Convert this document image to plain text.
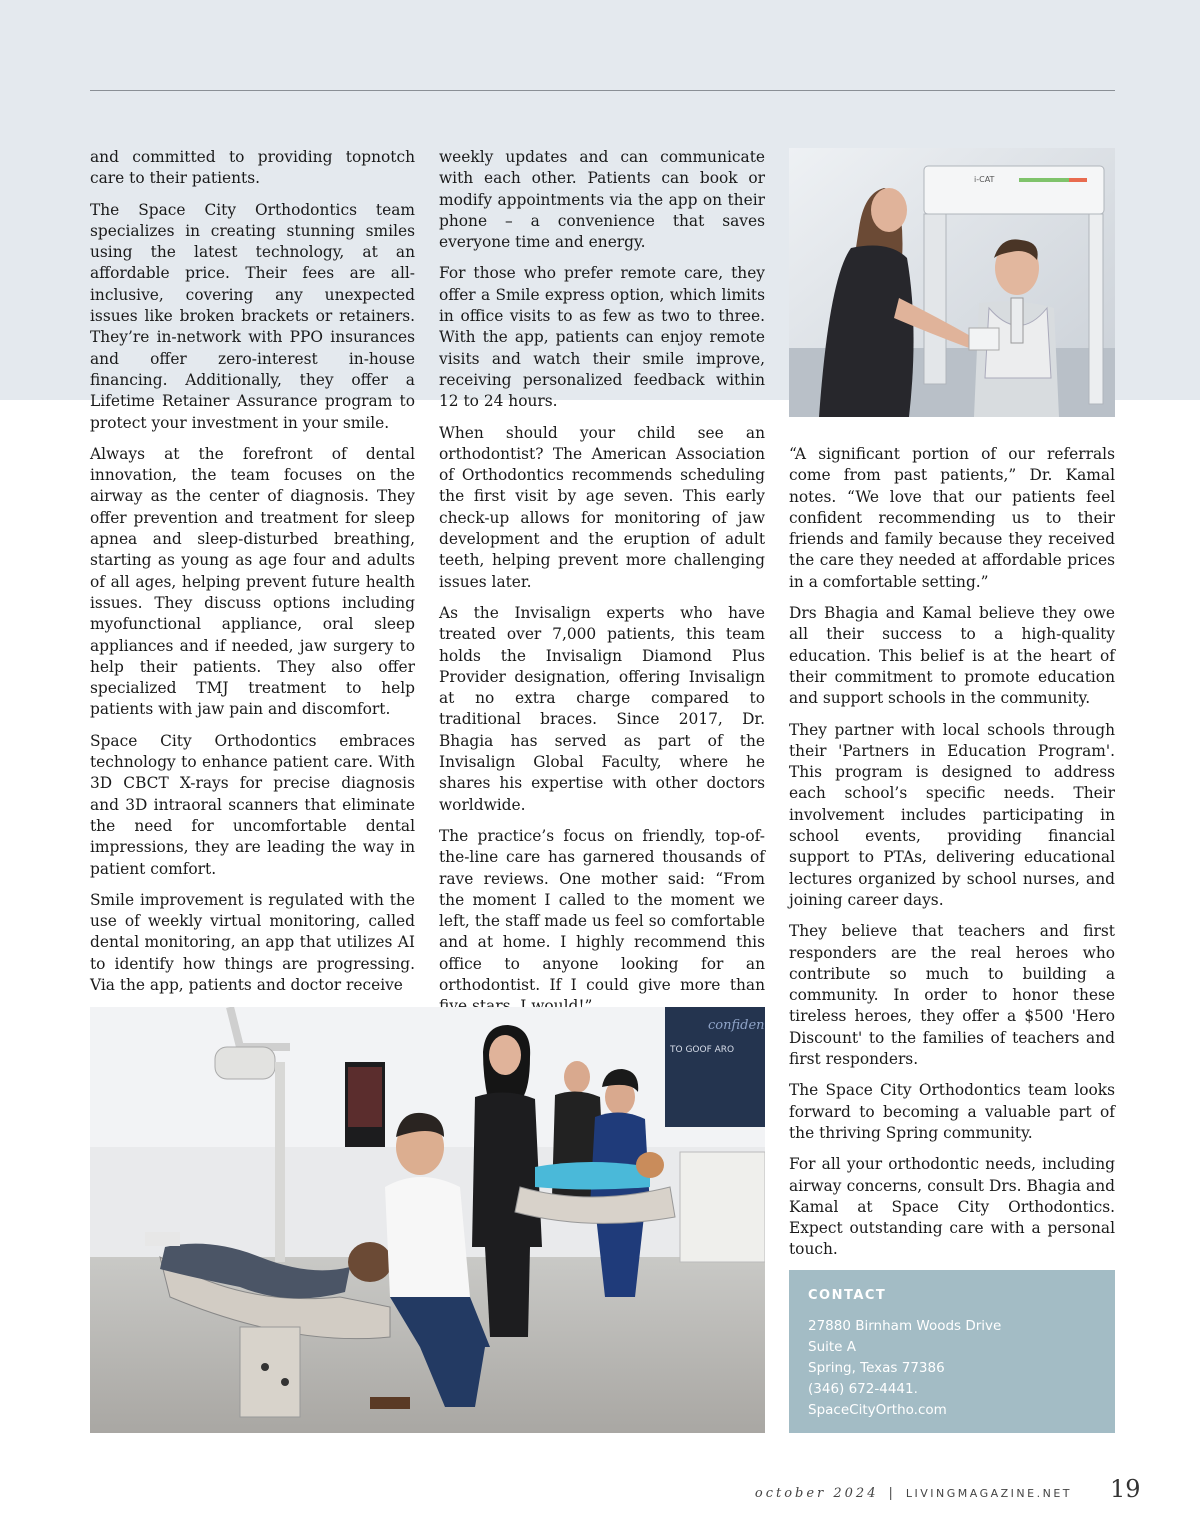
and committed to providing topnotch care to their patients.

The Space City Orthodontics team specializes in creating stunning smiles using the latest technology, at an affordable price. Their fees are all-inclusive, covering any unexpected issues like broken brackets or retainers. They’re in-network with PPO insurances and offer zero-interest in-house financing. Additionally, they offer a Lifetime Retainer Assurance program to protect your investment in your smile.

Always at the forefront of dental innovation, the team focuses on the airway as the center of diagnosis. They offer prevention and treatment for sleep apnea and sleep-disturbed breathing, starting as young as age four and adults of all ages, helping prevent future health issues. They discuss options including myofunctional appliance, oral sleep appliances and if needed, jaw surgery to help their patients. They also offer specialized TMJ treatment to help patients with jaw pain and discomfort.

Space City Orthodontics embraces technology to enhance patient care. With 3D CBCT X-rays for precise diagnosis and 3D intraoral scanners that eliminate the need for uncomfortable dental impressions, they are leading the way in patient comfort.

Smile improvement is regulated with the use of weekly virtual monitoring, called dental monitoring, an app that utilizes AI to identify how things are progressing. Via the app, patients and doctor receive

weekly updates and can communicate with each other. Patients can book or modify appointments via the app on their phone – a convenience that saves everyone time and energy.

For those who prefer remote care, they offer a Smile express option, which limits in office visits to as few as two to three. With the app, patients can enjoy remote visits and watch their smile improve, receiving personalized feedback within 12 to 24 hours.

When should your child see an orthodontist? The American Association of Orthodontics recommends scheduling the first visit by age seven. This early check-up allows for monitoring of jaw development and the eruption of adult teeth, helping prevent more challenging issues later.

As the Invisalign experts who have treated over 7,000 patients, this team holds the Invisalign Diamond Plus Provider designation, offering Invisalign at no extra charge compared to traditional braces. Since 2017, Dr. Bhagia has served as part of the Invisalign Global Faculty, where he shares his expertise with other doctors worldwide.

The practice’s focus on friendly, top-of-the-line care has garnered thousands of rave reviews. One mother said: “From the moment I called to the moment we left, the staff made us feel so comfortable and at home. I highly recommend this office to anyone looking for an orthodontist. If I could give more than

i-CAT

“A significant portion of our referrals come from past patients,” Dr. Kamal notes. “We love that our patients feel confident recommending us to their friends and family because they received the care they needed at affordable prices in a comfortable setting.”

Drs Bhagia and Kamal believe they owe all their success to a high-quality education. This belief is at the heart of their commitment to promote education and support schools in the community.

They partner with local schools through their 'Partners in Education Program'. This program is designed to address each school’s specific needs. Their involvement includes participating in school events, providing financial support to PTAs, delivering educational lectures organized by school nurses, and joining career days.

They believe that teachers and first responders are the real heroes who contribute so much to building a community. In order to honor these tireless heroes, they offer a $500 'Hero Discount' to the families of teachers and first responders.

The Space City Orthodontics team looks forward to becoming a valuable part of the thriving Spring community.

For all your orthodontic needs, including airway concerns, consult Drs. Bhagia and Kamal at Space City Orthodontics. Expect outstanding care with a personal touch.

confiden
TO GOOF ARO
CONTACT
27880 Birnham Woods Drive
Suite A
Spring, Texas 77386
(346) 672-4441.
SpaceCityOrtho.com
october 2024 | LIVINGMAGAZINE.NET 19
